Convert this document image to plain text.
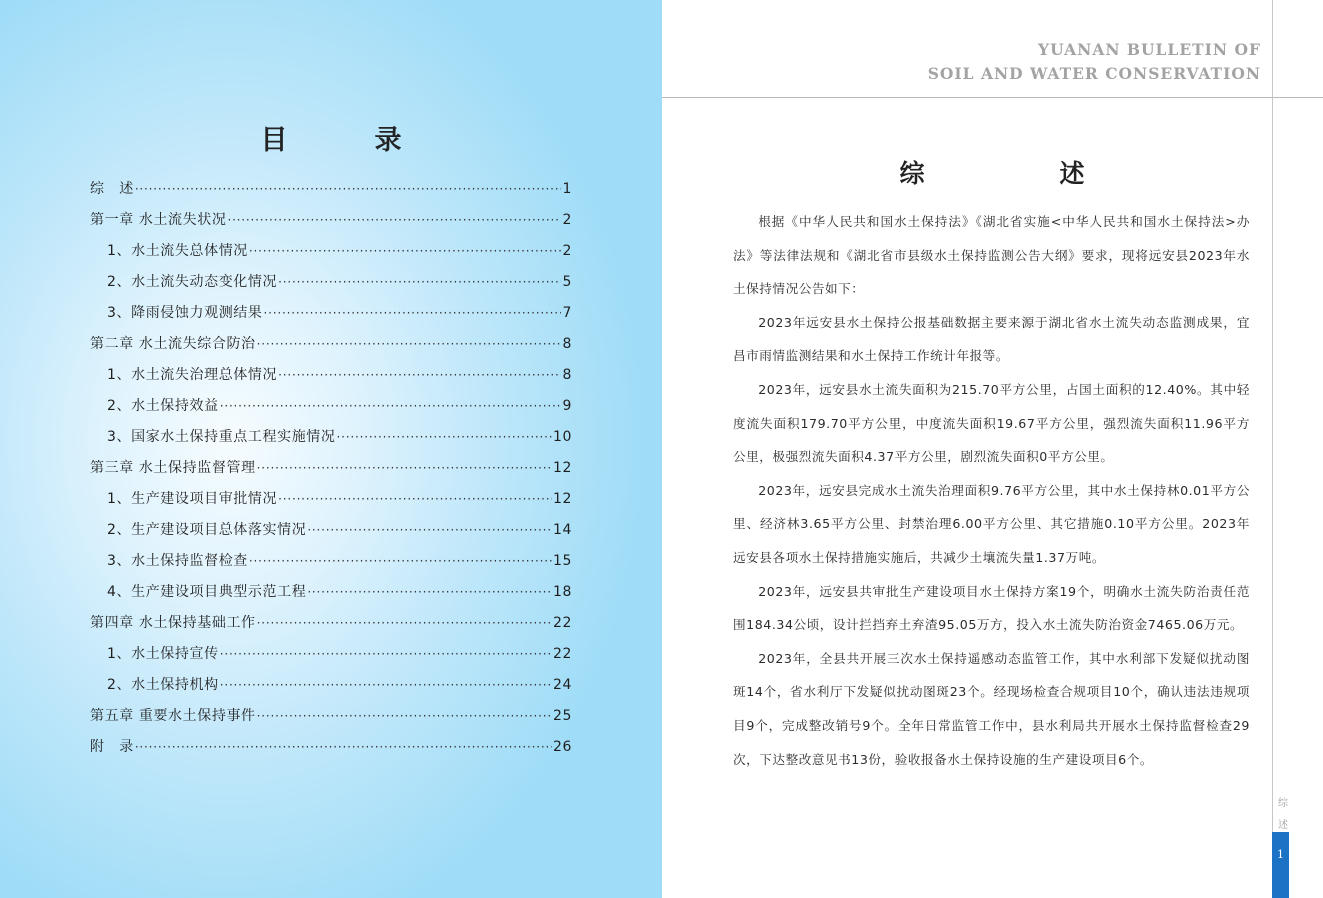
目　录
综　述 ·····	1
第一章 水土流失状况 ·····	2
1、水土流失总体情况 ·····	2
2、水土流失动态变化情况 ·····	5
3、降雨侵蚀力观测结果 ·····	7
第二章 水土流失综合防治 ·····	8
1、水土流失治理总体情况 ·····	8
2、水土保持效益 ·····	9
3、国家水土保持重点工程实施情况 ·····	10
第三章 水土保持监督管理 ·····	12
1、生产建设项目审批情况 ·····	12
2、生产建设项目总体落实情况 ·····	14
3、水土保持监督检查 ·····	15
4、生产建设项目典型示范工程 ·····	18
第四章 水土保持基础工作 ·····	22
1、水土保持宣传 ·····	22
2、水土保持机构 ·····	24
第五章 重要水土保持事件 ·····	25
附　录 ·····	26
YUANAN BULLETIN OF
SOIL AND WATER CONSERVATION
综　述

根据《中华人民共和国水土保持法》《湖北省实施<中华人民共和国水土保持法>办法》等法律法规和《湖北省市县级水土保持监测公告大纲》要求，现将远安县2023年水土保持情况公告如下：

2023年远安县水土保持公报基础数据主要来源于湖北省水土流失动态监测成果，宜昌市雨情监测结果和水土保持工作统计年报等。

2023年，远安县水土流失面积为215.70平方公里，占国土面积的12.40%。其中轻度流失面积179.70平方公里，中度流失面积19.67平方公里，强烈流失面积11.96平方公里，极强烈流失面积4.37平方公里，剧烈流失面积0平方公里。

2023年，远安县完成水土流失治理面积9.76平方公里，其中水土保持林0.01平方公里、经济林3.65平方公里、封禁治理6.00平方公里、其它措施0.10平方公里。2023年远安县各项水土保持措施实施后，共减少土壤流失量1.37万吨。

2023年，远安县共审批生产建设项目水土保持方案19个，明确水土流失防治责任范围184.34公顷，设计拦挡弃土弃渣95.05万方，投入水土流失防治资金7465.06万元。

2023年，全县共开展三次水土保持遥感动态监管工作，其中水利部下发疑似扰动图斑14个，省水利厅下发疑似扰动图斑23个。经现场检查合规项目10个，确认违法违规项目9个，完成整改销号9个。全年日常监管工作中，县水利局共开展水土保持监督检查29次，下达整改意见书13份，验收报备水土保持设施的生产建设项目6个。

综
述
1
